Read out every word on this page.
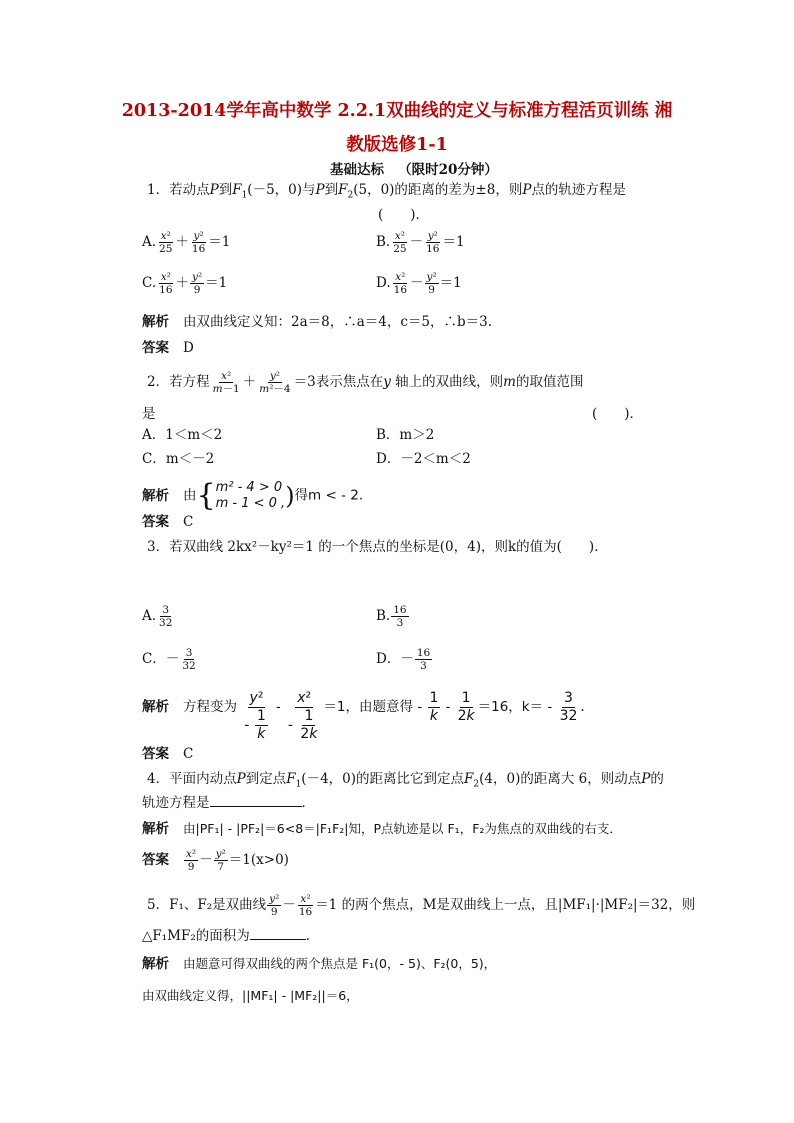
2013-2014学年高中数学 2.2.1双曲线的定义与标准方程活页训练 湘
教版选修1-1
基础达标 （限时20分钟）
1．若动点P到$F_1(-5$，0)与P到$F_2(5$，0)的距离的差为±8，则P点的轨迹方程是
(　　)．
A. $\frac{\text{x²}}{25} + \frac{\text{y²}}{16} =1$	B. $\frac{\text{x²}}{25} - \frac{\text{y²}}{16} =1$
C. $\frac{\text{x²}}{16} + \frac{\text{y²}}{9} =1$	D. $\frac{\text{x²}}{16} - \frac{\text{y²}}{9} =1$
解析 由双曲线定义知：2a＝8，∴a＝4，c＝5，∴b＝3.
答案 D
2．若方程 $\frac{\text{x²}}{m-1} + \frac{\text{y²}}{\text{m²－4}} =3$表示焦点在y 轴上的双曲线，则m的取值范围
是	(　　)．
A．1＜m＜2	B．m＞2
C．m＜－2	D．－2＜m＜2
解析 由{ m² - 4 > 0
m - 1 < 0 , )得m < - 2.
答案 C
3．若双曲线 2kx²－ky²＝1 的一个焦点的坐标是(0，4)，则k的值为(　　).
A. $\frac{3}{32}$	B. $\frac{16}{3}$
C．－ $\frac{3}{32}$	D．－ $\frac{16}{3}$
解析 方程变为 $\frac{\text{y²}}{- \frac{1}{k}} - \frac{\text{x²}}{- \frac{1}{2k}} =1$，由题意得 - $\frac{1}{k} - \frac{1}{2k} =16$，$k= - \frac{3}{32}$ .
答案 C
4．平面内动点P到定点$F_1(-4$，0)的距离比它到定点$F_2(4$，0)的距离大 6，则动点P的
轨迹方程是	．
解析 由|PF₁| - |PF₂|＝6<8＝|F₁F₂|知，P点轨迹是以 F₁，F₂为焦点的双曲线的右支．
答案 $\frac{\text{x²}}{9} - \frac{\text{y²}}{7} =1(x>0)$
5．F₁、F₂是双曲线 $\frac{\text{y²}}{9} - \frac{\text{x²}}{16} =1$ 的两个焦点，M是双曲线上一点，且|MF₁|·|MF₂|＝32，则
△F₁MF₂的面积为	．
解析 由题意可得双曲线的两个焦点是 F₁(0，- 5)、F₂(0，5)，
由双曲线定义得，||MF₁| - |MF₂||＝6，
